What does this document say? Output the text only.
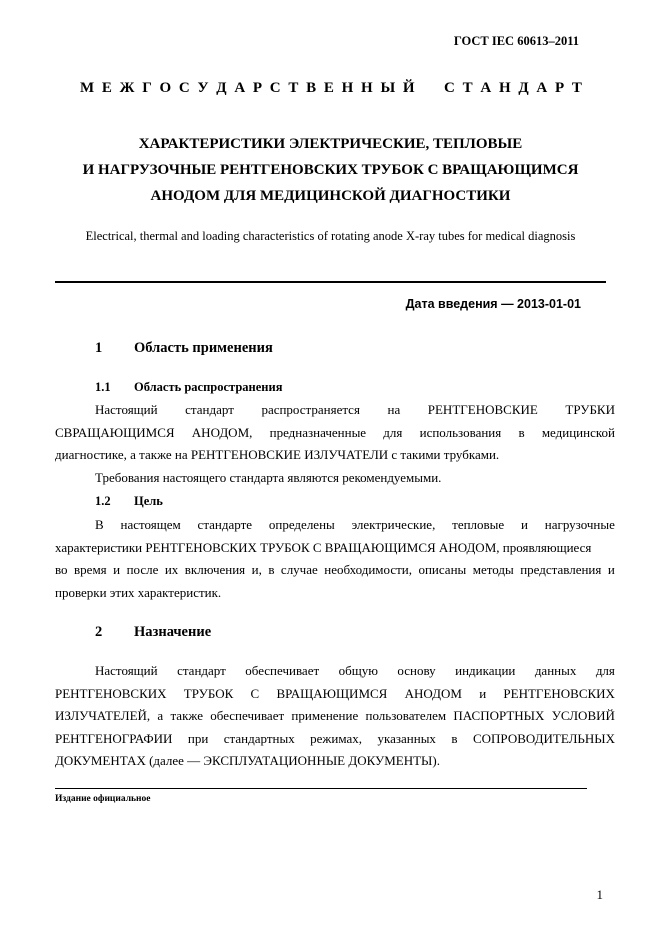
ГОСТ IEC 60613–2011
М Е Ж Г О С У Д А Р С Т В Е Н Н Ы Й С Т А Н Д А Р Т
ХАРАКТЕРИСТИКИ ЭЛЕКТРИЧЕСКИЕ, ТЕПЛОВЫЕ
И НАГРУЗОЧНЫЕ РЕНТГЕНОВСКИХ ТРУБОК С ВРАЩАЮЩИМСЯ
АНОДОМ ДЛЯ МЕДИЦИНСКОЙ ДИАГНОСТИКИ
Electrical, thermal and loading characteristics of rotating anode X-ray tubes for medical diagnosis
Дата введения — 2013-01-01
1 Область применения
1.1 Область распространения
Настоящий стандарт распространяется на РЕНТГЕНОВСКИЕ ТРУБКИ
СВРАЩАЮЩИМСЯ АНОДОМ, предназначенные для использования в медицинской
диагностике, а также на РЕНТГЕНОВСКИЕ ИЗЛУЧАТЕЛИ с такими трубками.
Требования настоящего стандарта являются рекомендуемыми.
1.2 Цель
В настоящем стандарте определены электрические, тепловые и нагрузочные
характеристики РЕНТГЕНОВСКИХ ТРУБОК С ВРАЩАЮЩИМСЯ АНОДОМ, проявляющиеся
во время и после их включения и, в случае необходимости, описаны методы представления и
проверки этих характеристик.
2 Назначение
Настоящий стандарт обеспечивает общую основу индикации данных для
РЕНТГЕНОВСКИХ ТРУБОК С ВРАЩАЮЩИМСЯ АНОДОМ и РЕНТГЕНОВСКИХ
ИЗЛУЧАТЕЛЕЙ, а также обеспечивает применение пользователем ПАСПОРТНЫХ УСЛОВИЙ
РЕНТГЕНОГРАФИИ при стандартных режимах, указанных в СОПРОВОДИТЕЛЬНЫХ
ДОКУМЕНТАХ (далее — ЭКСПЛУАТАЦИОННЫЕ ДОКУМЕНТЫ).
Издание официальное
1
